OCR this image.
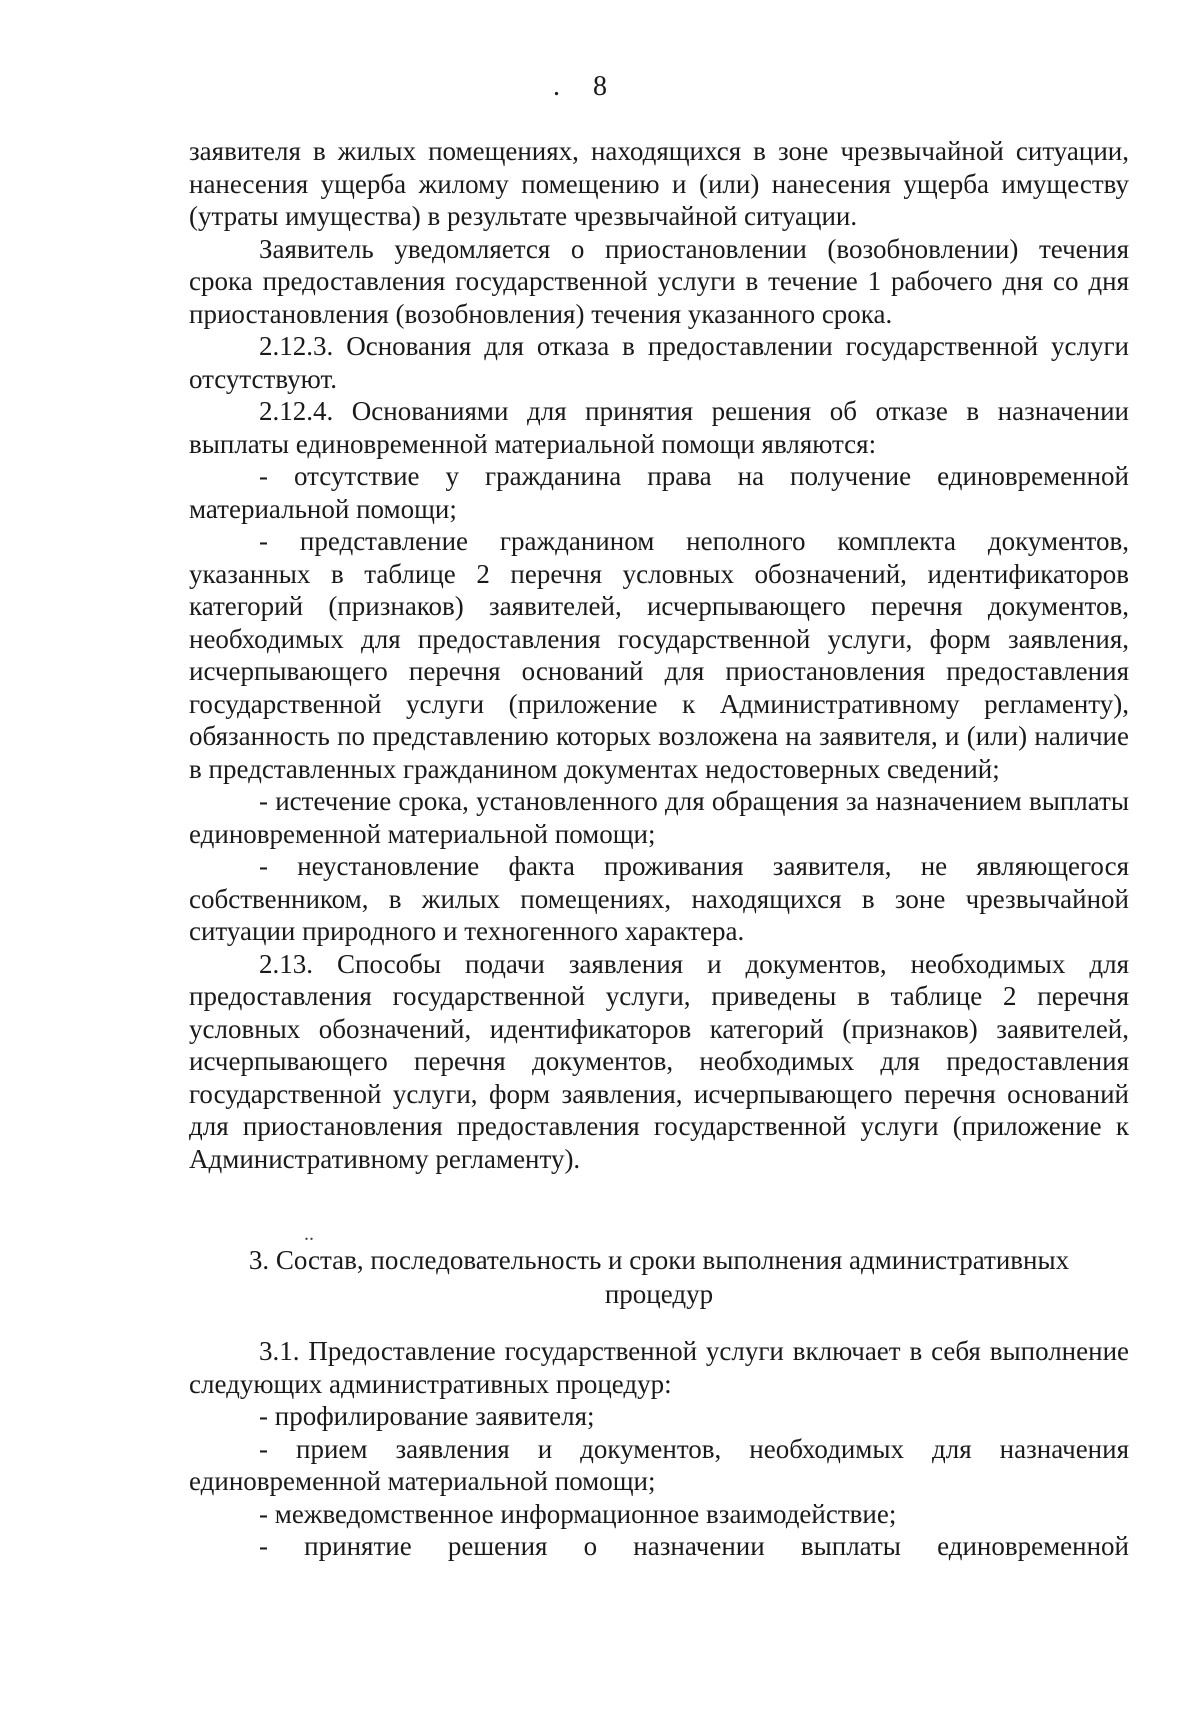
. 8

заявителя в жилых помещениях, находящихся в зоне чрезвычайной ситуации, нанесения ущерба жилому помещению и (или) нанесения ущерба имуществу (утраты имущества) в результате чрезвычайной ситуации.

Заявитель уведомляется о приостановлении (возобновлении) течения срока предоставления государственной услуги в течение 1 рабочего дня со дня приостановления (возобновления) течения указанного срока.

2.12.3. Основания для отказа в предоставлении государственной услуги отсутствуют.

2.12.4. Основаниями для принятия решения об отказе в назначении выплаты единовременной материальной помощи являются:

- отсутствие у гражданина права на получение единовременной материальной помощи;

- представление гражданином неполного комплекта документов, указанных в таблице 2 перечня условных обозначений, идентификаторов категорий (признаков) заявителей, исчерпывающего перечня документов, необходимых для предоставления государственной услуги, форм заявления, исчерпывающего перечня оснований для приостановления предоставления государственной услуги (приложение к Административному регламенту), обязанность по представлению которых возложена на заявителя, и (или) наличие в представленных гражданином документах недостоверных сведений;

- истечение срока, установленного для обращения за назначением выплаты единовременной материальной помощи;

- неустановление факта проживания заявителя, не являющегося собственником, в жилых помещениях, находящихся в зоне чрезвычайной ситуации природного и техногенного характера.

2.13. Способы подачи заявления и документов, необходимых для предоставления государственной услуги, приведены в таблице 2 перечня условных обозначений, идентификаторов категорий (признаков) заявителей, исчерпывающего перечня документов, необходимых для предоставления государственной услуги, форм заявления, исчерпывающего перечня оснований для приостановления предоставления государственной услуги (приложение к Административному регламенту).

..
3. Состав, последовательность и сроки выполнения административных
процедур

3.1. Предоставление государственной услуги включает в себя выполнение следующих административных процедур:

- профилирование заявителя;

- прием заявления и документов, необходимых для назначения единовременной материальной помощи;

- межведомственное информационное взаимодействие;

- принятие решения о назначении выплаты единовременной
